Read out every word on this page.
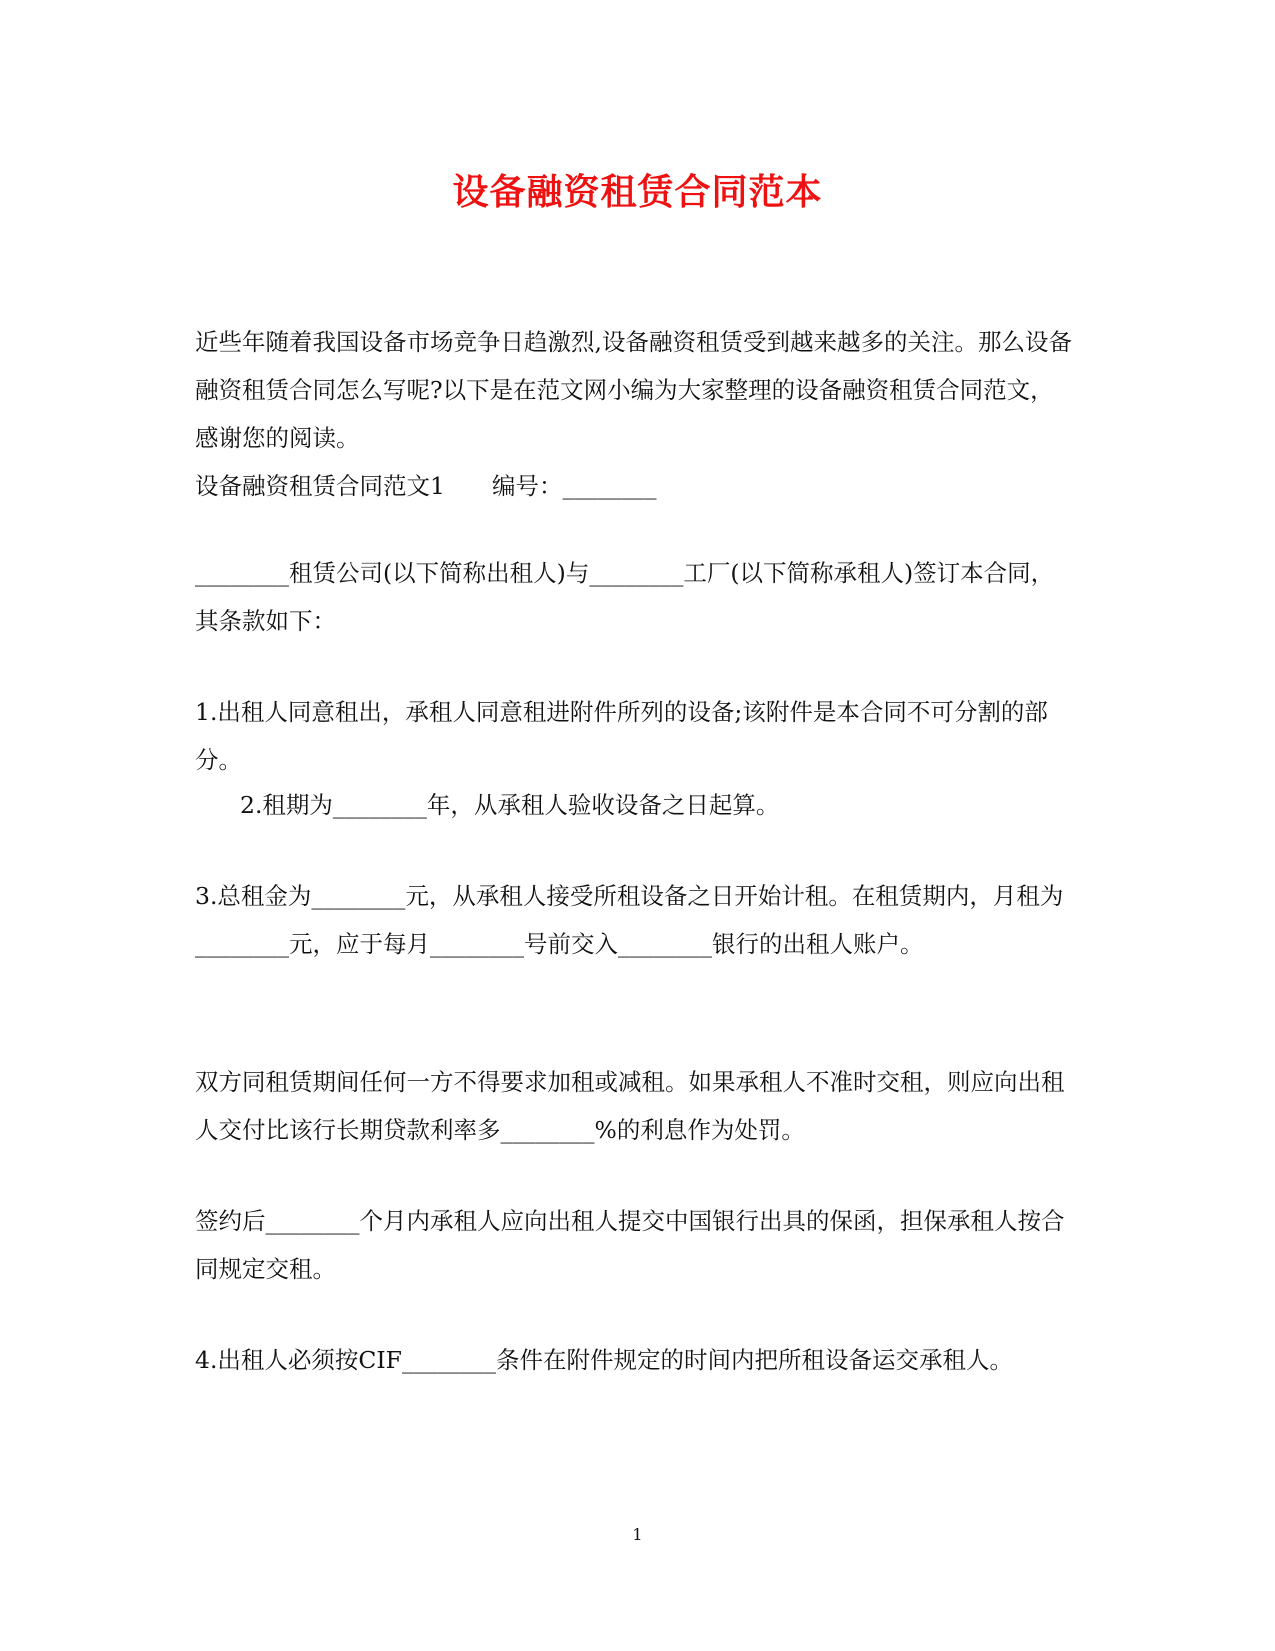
设备融资租赁合同范本
近些年随着我国设备市场竞争日趋激烈,设备融资租赁受到越来越多的关注。那么设备融资租赁合同怎么写呢?以下是在范文网小编为大家整理的设备融资租赁合同范文，感谢您的阅读。
设备融资租赁合同范文1　　编号：________
________租赁公司(以下简称出租人)与________工厂(以下简称承租人)签订本合同，其条款如下：
1.出租人同意租出，承租人同意租进附件所列的设备;该附件是本合同不可分割的部分。
2.租期为________年，从承租人验收设备之日起算。
3.总租金为________元，从承租人接受所租设备之日开始计租。在租赁期内，月租为________元，应于每月________号前交入________银行的出租人账户。
双方同租赁期间任何一方不得要求加租或减租。如果承租人不准时交租，则应向出租人交付比该行长期贷款利率多________%的利息作为处罚。
签约后________个月内承租人应向出租人提交中国银行出具的保函，担保承租人按合同规定交租。
4.出租人必须按CIF________条件在附件规定的时间内把所租设备运交承租人。
1
